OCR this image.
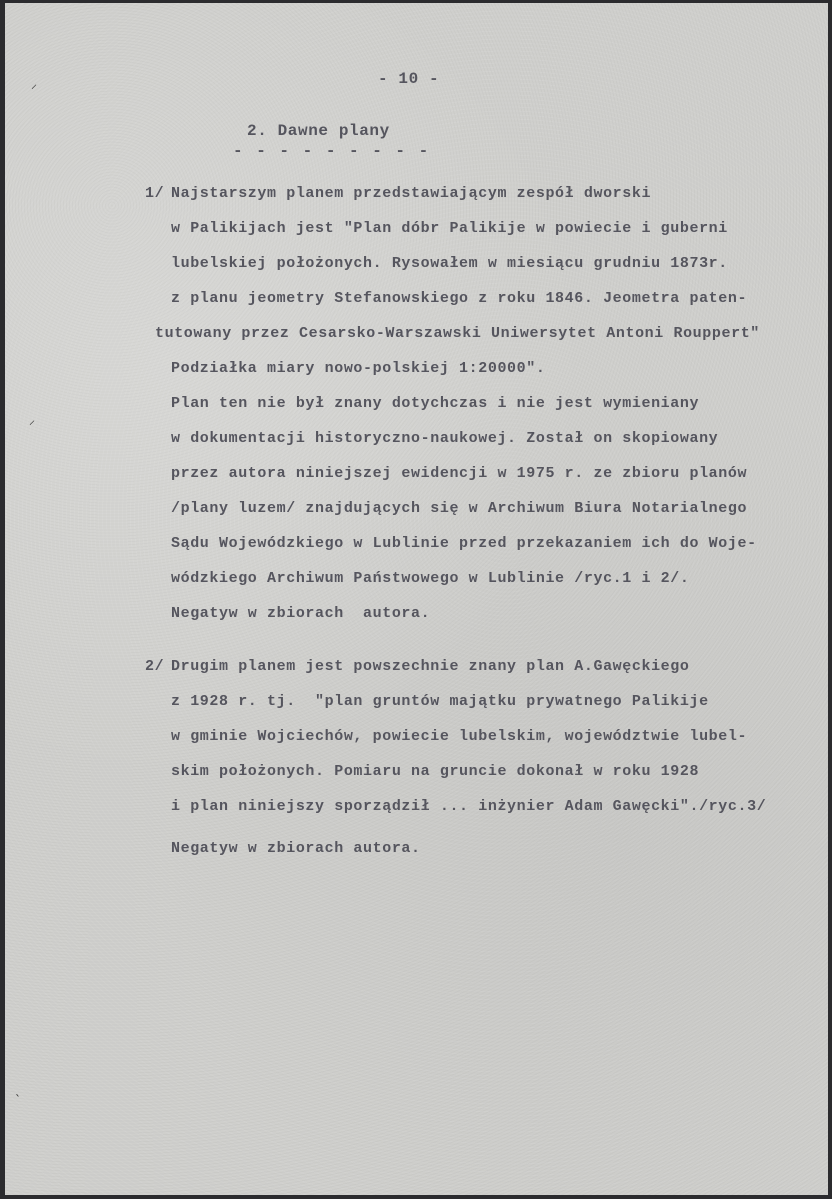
⸝
⸝
ˋ
- 10 -
2. Dawne plany
- - - - - - - - -
1/ Najstarszym planem przedstawiającym zespół dworski
w Palikijach jest "Plan dóbr Palikije w powiecie i guberni
lubelskiej położonych. Rysowałem w miesiącu grudniu 1873r.
z planu jeometry Stefanowskiego z roku 1846. Jeometra paten-
tutowany przez Cesarsko-Warszawski Uniwersytet Antoni Rouppert"
Podziałka miary nowo-polskiej 1:20000".
Plan ten nie był znany dotychczas i nie jest wymieniany
w dokumentacji historyczno-naukowej. Został on skopiowany
przez autora niniejszej ewidencji w 1975 r. ze zbioru planów
/plany luzem/ znajdujących się w Archiwum Biura Notarialnego
Sądu Wojewódzkiego w Lublinie przed przekazaniem ich do Woje-
wódzkiego Archiwum Państwowego w Lublinie /ryc.1 i 2/.
Negatyw w zbiorach  autora.
2/ Drugim planem jest powszechnie znany plan A.Gawęckiego
z 1928 r. tj.  "plan gruntów majątku prywatnego Palikije
w gminie Wojciechów, powiecie lubelskim, województwie lubel-
skim położonych. Pomiaru na gruncie dokonał w roku 1928
i plan niniejszy sporządził ... inżynier Adam Gawęcki"./ryc.3/
Negatyw w zbiorach autora.
